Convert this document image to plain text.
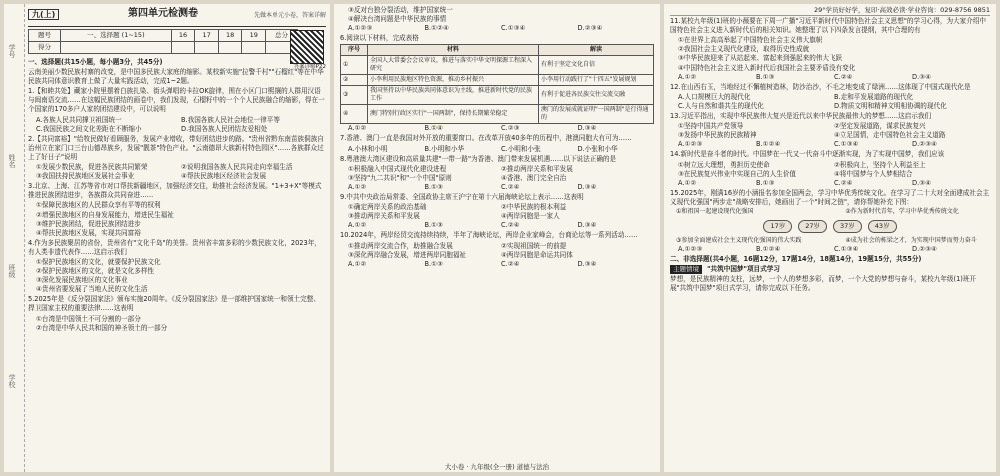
学号
姓名
班级
学校
九(上)	第四单元检测卷	先做本单元小卷，答案详解
题号	一、选择题 (1~15)	16	17	18	19	总分
得分						
答案详解P22
一、选择题(共15小题，每小题3分，共45分)
云南美丽少数民族村寨的改变，是中国多民族大家庭的缩影。某校新实施"拉警千村""石榴红"等在中华民族共同体意识教育上做了大量实践活动，完成1~2题。
1.【和睦共处】藏家小院里摆着白族扎染、街头弹唱的卡拉OK旋律，围在小区门口熙攘的人群用汉语与闽南语交流……在这幅民族团结的画卷中，我们发现，石榴籽中的一个个人民族融合的缩影，得在一个国家的170多户人家的团结建设中，可以说明
A.各族人民共同撑卫祖国统一	B.我国各族人民社会地位一律平等
C.我国民族之间文化差距在不断缩小	D.我国各族人民团结友爱相处
2.【共同富裕】"给牧民做好看顾服务，发展产业增收，带好团结进步的路。"贵州省黔东南苗族侗族自治州立在家门口三台山德昂族乡，发展"靓茶"特色产业。"云南德昂大族新村特色园区"……各族群众过上了好日子"说明
①发展少数民族，促进各民族共同繁荣	②说明我国各族人民共同走向幸福生活
③我国扶持民族地区发展社会事业	④帮扶民族地区经济社会发展
3.北京、上海、江苏等省市对口帮扶新疆地区，加强经济交往，助推社会经济发展。"1+3+X"等模式推进民族团结进步，各族群众共同奋进……
①保障民族地区的人民群众享有平等的权利
②增强民族地区的自身发展能力，增进民生福祉
③维护民族团结，促进民族团结进步
④帮扶民族地区发展，实现共同富裕
4.作为多民族聚居的省份，贵州省有"文化千岛"的美誉。贵州省丰富多彩的少数民族文化，2023年，有人类非遗代表作……这启示我们
①保护民族地区的文化，就要保护民族文化
②保护民族地区的文化，就是文化多样性
③深化发展民族地区的文化事业
④贵州省要发展了当地人民的文化生活
5.2025年是《反分裂国家法》颁布实施20周年。《反分裂国家法》是一部维护国家统一和领土完整、捍卫国家主权的重要法律……这表明
①台湾是中国领土不可分割的一部分
②台湾是中华人民共和国的神圣领土的一部分
③反对台独分裂活动，维护国家统一
④解决台湾问题是中华民族的事情
A.①②③	B.①②④	C.①③④	D.②③④
6.阅读以下材料，完成表格
序号	材料	解读
①	全国人大常委会会议审议，推进与落实中华文明探源工程深入研究	有利于坚定文化自信
②	小李利用民族地区特色资源，推动乡村振兴	小李用行动践行了"十四五"发展规划
③	我国坚持以中华民族共同体意识为主线，推进新时代党的民族工作	有利于促进各民族交往交流交融
④	澳门特别行政区实行"一国两制"，保持长期繁荣稳定	澳门的发展成就证明"一国两制"是行得通的
A.①②	B.①④	C.②③	D.③④
7.香港、澳门一直是我国对外开放的重要窗口。在改革开放40多年的历程中，港澳同胞大有可为……
A.小林和小明	B.小明和小华	C.小明和小张	D.小张和小华
8.粤港澳大湾区建设和高质量共建"一带一路"为香港、澳门带来发展机遇……以下说法正确的是
①积极融入中国式现代化建设进程	②推动两岸关系和平发展
③坚持"九二共识"和"一个中国"原则	④香港、澳门完全自治
A.①②	B.①③	C.②④	D.③④
9.中共中央政治局常委、全国政协主席王沪宁在第十六届海峡论坛上表示……这表明
①确定两岸关系的政治基础	②中华民族的根本利益
③推动两岸关系和平发展	④两岸同胞是一家人
A.①②	B.①③	C.②④	D.③④
10.2024年，两岸经贸交流持续持续，半年了海峡论坛，两岸企业家峰会，台商论坛等一系列活动……
①推动两岸交流合作，助推融合发展	②实现祖国统一的前提
③深化两岸融合发展，增进两岸同胞福祉	④两岸同胞是命运共同体
A.①②	B.①③	C.②④	D.③④
大小卷 · 九年级(全一册) 道德与法治
29°学员好好学，复印·高效必读·学业咨询：029-8756 9851
11.某校九年级(1)班的小薇要在下周一广播"习近平新时代中国特色社会主义思想"的学习心得，为大家介绍中国特色社会主义进入新时代后的相关知识。她整理了以下四条发言提纲，其中合理的有
①在世界上高高举起了中国特色社会主义伟大旗帜
②我国社会主义现代化建设，取得历史性成就
③中华民族迎来了从站起来、富起来到强起来的伟大飞跃
④中国特色社会主义进入新时代后我国社会主要矛盾没有变化
A.①②	B.①③	C.②④	D.③④
12.在山西右玉，当地经过不懈植树造林，防沙治沙，不毛之地变成了绿洲……这体现了中国式现代化是
A.人口规模巨大的现代化	B.走和平发展道路的现代化
C.人与自然和谐共生的现代化	D.物质文明和精神文明相协调的现代化
13.习近平指出，实现中华民族伟大复兴是近代以来中华民族最伟大的梦想……这启示我们
①坚持中国共产党领导	②坚定发展道路，谋求民族复兴
③发扬中华民族的民族精神	④立足国情，走中国特色社会主义道路
A.①②③	B.①②④	C.①③④	D.②③④
14.新时代是奋斗者的时代。中国梦在一代又一代奋斗中逐渐实现，为了实现中国梦，我们应该
①树立远大理想，勇担历史使命	②积极向上，坚持个人利益至上
③在民族复兴伟业中实现自己的人生价值	④将中国梦与个人梦相结合
A.①②	B.①③	C.②④	D.③④
15.2025年，刚满16岁的小涵报名参加全国两会，学习中华优秀传统文化。在学习了二十大对全面建成社会主义现代化强国"两步走"战略安排后，她画出了一个"时间之链"，请你帮她补充下图：
①和祖国一起建设现代化强国	②作为新时代青年，学习中华优秀传统文化
17岁	27岁	37岁	43岁
③参加全面建成社会主义现代化强国的伟大实践	④成为社会的栋梁之才，为实现中国梦而努力奋斗
A.①②③	B.①②④	C.①③④	D.②③④
二、非选择题(共4小题，16题12分，17题14分，18题14分，19题15分，共55分)
主题情境 "共筑中国梦"项目式学习
梦想，是民族精神的支柱，远梦，一个人的梦想多彩，而梦，一个大党的梦想与奋斗，某校九年级(1)班开展"共筑中国梦"项目式学习，请你完成以下任务。
